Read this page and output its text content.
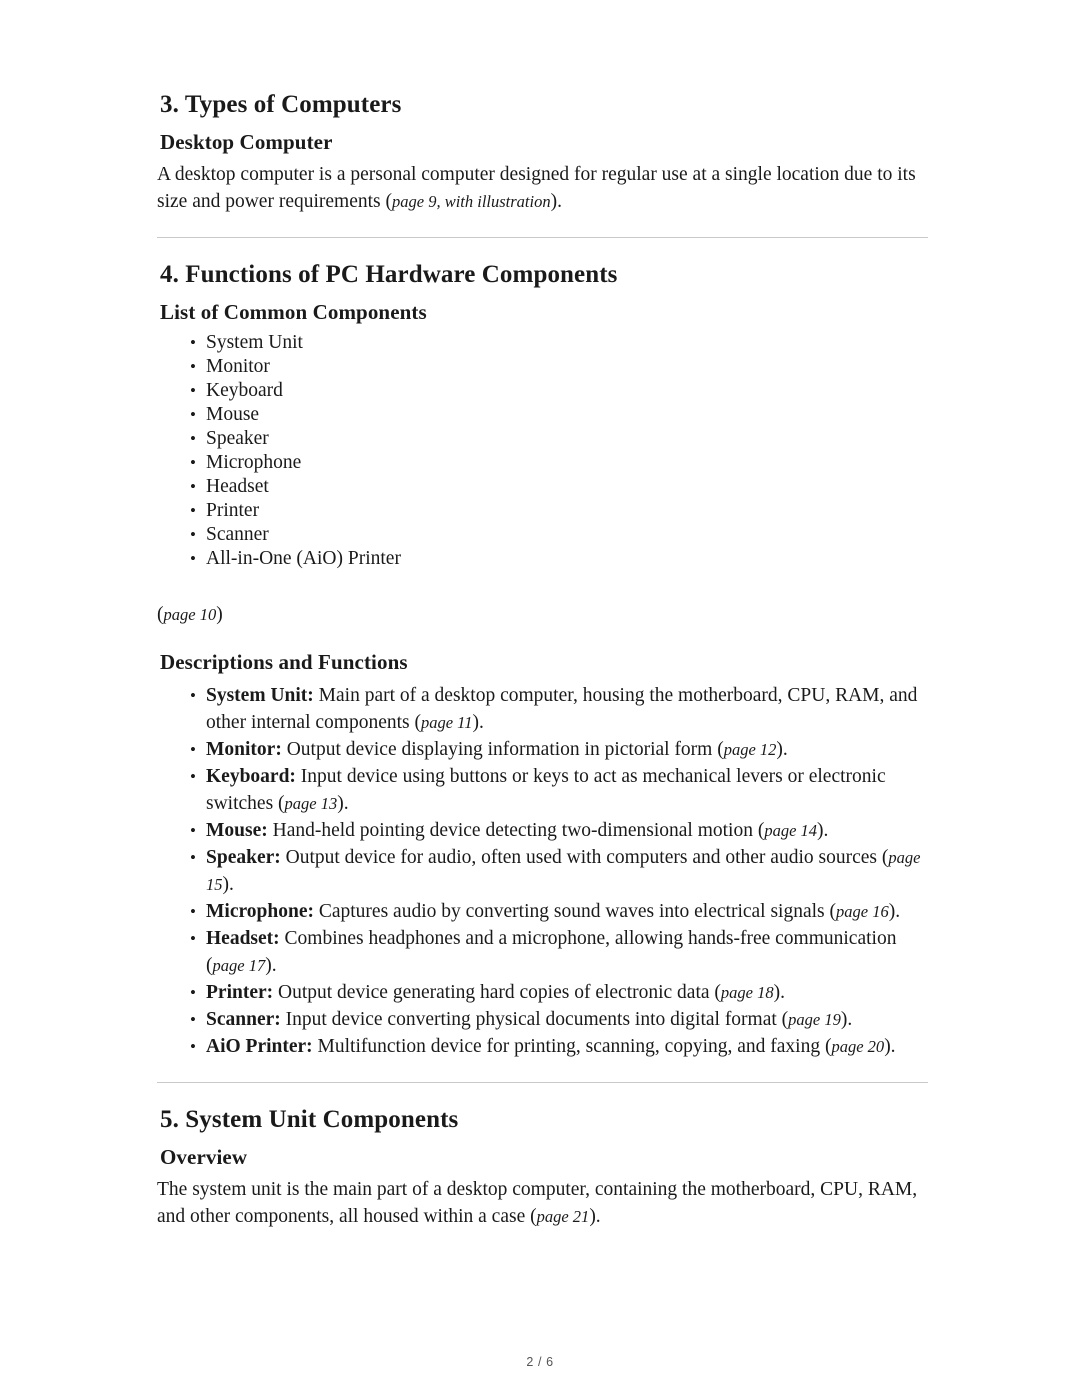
3. Types of Computers
Desktop Computer

A desktop computer is a personal computer designed for regular use at a single location due to its size and power requirements (page 9, with illustration).

4. Functions of PC Hardware Components
List of Common Components
• System Unit
• Monitor
• Keyboard
• Mouse
• Speaker
• Microphone
• Headset
• Printer
• Scanner
• All-in-One (AiO) Printer

(page 10)

Descriptions and Functions
• System Unit: Main part of a desktop computer, housing the motherboard, CPU, RAM, and other internal components (page 11).
• Monitor: Output device displaying information in pictorial form (page 12).
• Keyboard: Input device using buttons or keys to act as mechanical levers or electronic switches (page 13).
• Mouse: Hand-held pointing device detecting two-dimensional motion (page 14).
• Speaker: Output device for audio, often used with computers and other audio sources (page 15).
• Microphone: Captures audio by converting sound waves into electrical signals (page 16).
• Headset: Combines headphones and a microphone, allowing hands-free communication (page 17).
• Printer: Output device generating hard copies of electronic data (page 18).
• Scanner: Input device converting physical documents into digital format (page 19).
• AiO Printer: Multifunction device for printing, scanning, copying, and faxing (page 20).
5. System Unit Components
Overview

The system unit is the main part of a desktop computer, containing the motherboard, CPU, RAM, and other components, all housed within a case (page 21).

2 / 6
